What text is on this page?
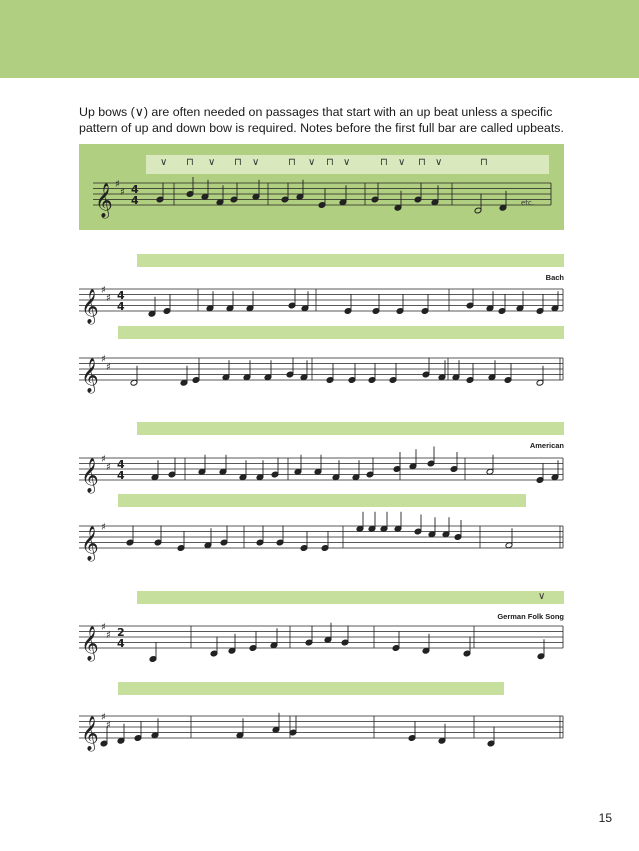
Up bows (∨) are often needed on passages that start with an up beat unless a specific
pattern of up and down bow is required. Notes before the first full bar are called upbeats.
∨ ⊓ ∨ ⊓ ∨	⊓ ∨ ⊓ ∨	⊓ ∨ ⊓ ∨	⊓
∨
Bach
American
German Folk Song
𝄞 ♯
♯ 4
4	etc.
𝄞 ♯
♯ 4
4
𝄞 ♯
♯
𝄞 ♯
♯ 4
4
𝄞 ♯
𝄞 ♯
♯ 2
4
𝄞 ♯
♯
15
